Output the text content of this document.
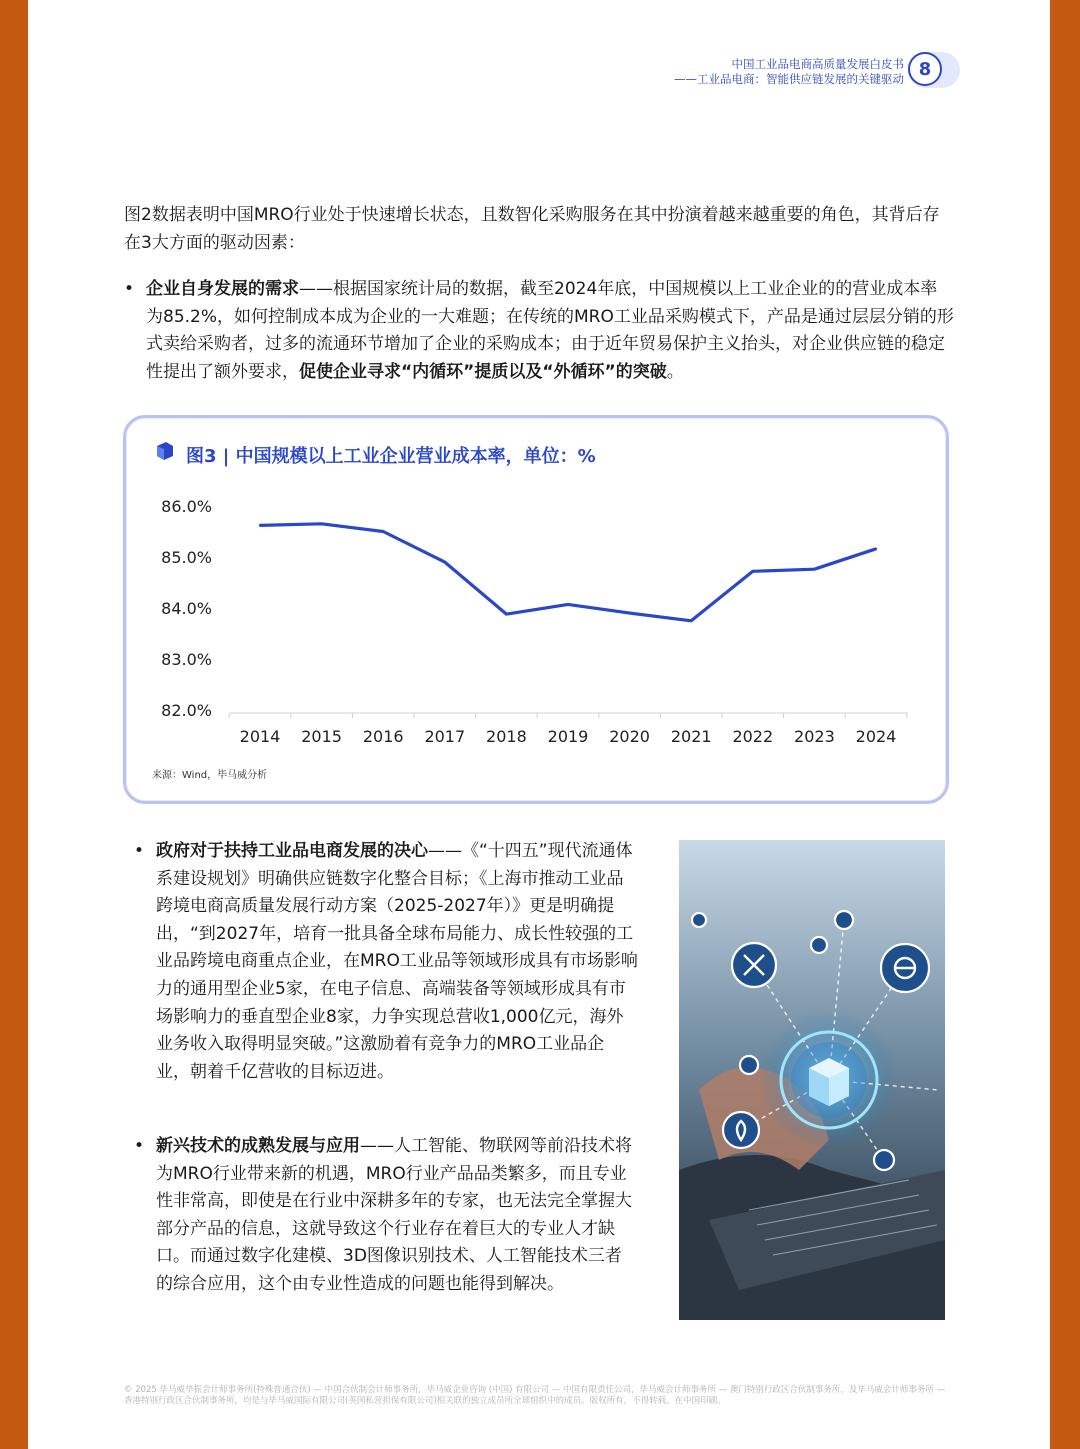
中国工业品电商高质量发展白皮书
——工业品电商：智能供应链发展的关键驱动 8
图2数据表明中国MRO行业处于快速增长状态，且数智化采购服务在其中扮演着越来越重要的角色，其背后存在3大方面的驱动因素：
• 企业自身发展的需求——根据国家统计局的数据，截至2024年底，中国规模以上工业企业的的营业成本率为85.2%，如何控制成本成为企业的一大难题；在传统的MRO工业品采购模式下，产品是通过层层分销的形式卖给采购者，过多的流通环节增加了企业的采购成本；由于近年贸易保护主义抬头，对企业供应链的稳定性提出了额外要求，促使企业寻求“内循环”提质以及“外循环”的突破。
图3 | 中国规模以上工业企业营业成本率，单位：%
86.0%
85.0%
84.0%
83.0%
82.0%
2014 2015 2016 2017 2018 2019 2020 2021 2022 2023 2024
来源：Wind，毕马威分析
• 政府对于扶持工业品电商发展的决心——《“十四五”现代流通体系建设规划》明确供应链数字化整合目标；《上海市推动工业品跨境电商高质量发展行动方案（2025-2027年）》更是明确提出，“到2027年，培育一批具备全球布局能力、成长性较强的工业品跨境电商重点企业，在MRO工业品等领域形成具有市场影响力的通用型企业5家，在电子信息、高端装备等领域形成具有市场影响力的垂直型企业8家，力争实现总营收1,000亿元，海外业务收入取得明显突破。”这激励着有竞争力的MRO工业品企业，朝着千亿营收的目标迈进。
• 新兴技术的成熟发展与应用——人工智能、物联网等前沿技术将为MRO行业带来新的机遇，MRO行业产品品类繁多，而且专业性非常高，即使是在行业中深耕多年的专家，也无法完全掌握大部分产品的信息，这就导致这个行业存在着巨大的专业人才缺口。而通过数字化建模、3D图像识别技术、人工智能技术三者的综合应用，这个由专业性造成的问题也能得到解决。
© 2025 毕马威华振会计师事务所(特殊普通合伙) — 中国合伙制会计师事务所，毕马威企业咨询 (中国) 有限公司 — 中国有限责任公司，毕马威会计师事务所 — 澳门特别行政区合伙制事务所，及毕马威会计师事务所 — 香港特别行政区合伙制事务所，均是与毕马威国际有限公司(英国私营担保有限公司)相关联的独立成员所全球组织中的成员。版权所有，不得转载。在中国印刷。
